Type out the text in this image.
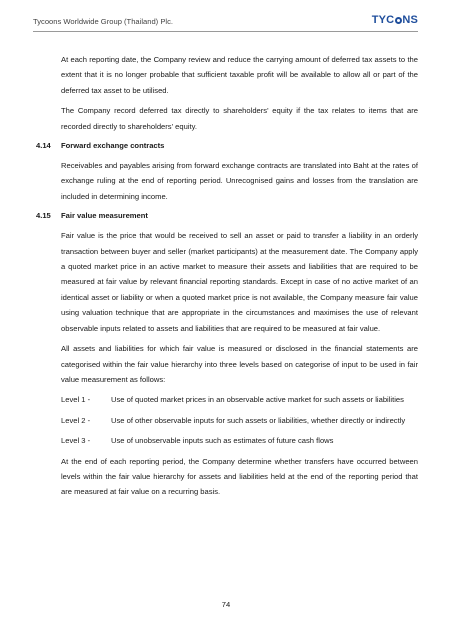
Tycoons Worldwide Group (Thailand) Plc.	TYC NS

At each reporting date, the Company review and reduce the carrying amount of deferred tax assets to the extent that it is no longer probable that sufficient taxable profit will be available to allow all or part of the deferred tax asset to be utilised.

The Company record deferred tax directly to shareholders' equity if the tax relates to items that are recorded directly to shareholders' equity.

4.14 Forward exchange contracts

Receivables and payables arising from forward exchange contracts are translated into Baht at the rates of exchange ruling at the end of reporting period. Unrecognised gains and losses from the translation are included in determining income.

4.15 Fair value measurement

Fair value is the price that would be received to sell an asset or paid to transfer a liability in an orderly transaction between buyer and seller (market participants) at the measurement date. The Company apply a quoted market price in an active market to measure their assets and liabilities that are required to be measured at fair value by relevant financial reporting standards. Except in case of no active market of an identical asset or liability or when a quoted market price is not available, the Company measure fair value using valuation technique that are appropriate in the circumstances and maximises the use of relevant observable inputs related to assets and liabilities that are required to be measured at fair value.

All assets and liabilities for which fair value is measured or disclosed in the financial statements are categorised within the fair value hierarchy into three levels based on categorise of input to be used in fair value measurement as follows:

Level 1 -	Use of quoted market prices in an observable active market for such assets or liabilities
Level 2 -	Use of other observable inputs for such assets or liabilities, whether directly or indirectly
Level 3 -	Use of unobservable inputs such as estimates of future cash flows

At the end of each reporting period, the Company determine whether transfers have occurred between levels within the fair value hierarchy for assets and liabilities held at the end of the reporting period that are measured at fair value on a recurring basis.

74
